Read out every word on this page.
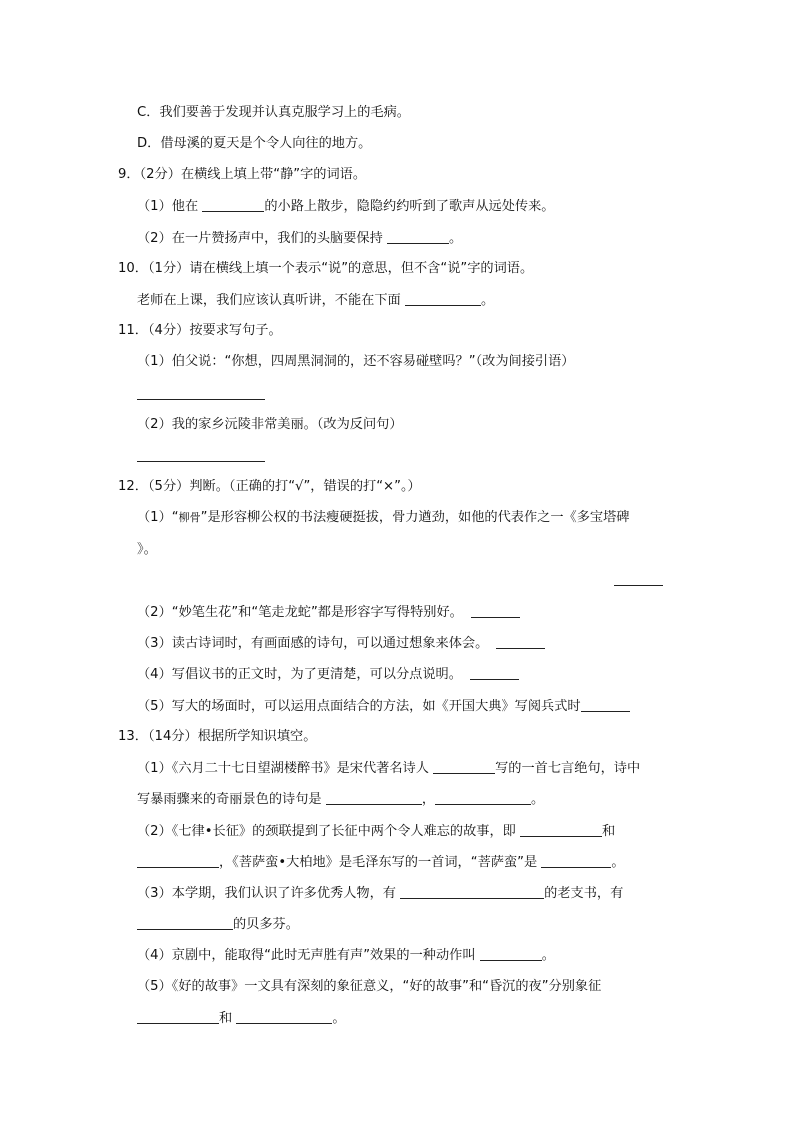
C．我们要善于发现并认真克服学习上的毛病。
D．借母溪的夏天是个令人向往的地方。
9．（2分）在横线上填上带“静”字的词语。
（1）他在	的小路上散步，隐隐约约听到了歌声从远处传来。
（2）在一片赞扬声中，我们的头脑要保持	。
10．（1分）请在横线上填一个表示“说”的意思，但不含“说”字的词语。
老师在上课，我们应该认真听讲，不能在下面	。
11．（4分）按要求写句子。
（1）伯父说：“你想，四周黑洞洞的，还不容易碰壁吗？”（改为间接引语）
（2）我的家乡沅陵非常美丽。（改为反问句）
12．（5分）判断。（正确的打“√”，错误的打“×”。）
（1）“柳骨”是形容柳公权的书法瘦硬挺拔，骨力遒劲，如他的代表作之一《多宝塔碑
》。
（2）“妙笔生花”和“笔走龙蛇”都是形容字写得特别好。
（3）读古诗词时，有画面感的诗句，可以通过想象来体会。
（4）写倡议书的正文时，为了更清楚，可以分点说明。
（5）写大的场面时，可以运用点面结合的方法，如《开国大典》写阅兵式时
13．（14分）根据所学知识填空。
（1）《六月二十七日望湖楼醉书》是宋代著名诗人	写的一首七言绝句，诗中
写暴雨骤来的奇丽景色的诗句是	，	。
（2）《七律•长征》的颈联提到了长征中两个令人难忘的故事，即	和
，《菩萨蛮•大柏地》是毛泽东写的一首词，“菩萨蛮”是	。
（3）本学期，我们认识了许多优秀人物，有	的老支书，有
的贝多芬。
（4）京剧中，能取得“此时无声胜有声”效果的一种动作叫	。
（5）《好的故事》一文具有深刻的象征意义，“好的故事”和“昏沉的夜”分别象征
和	。
